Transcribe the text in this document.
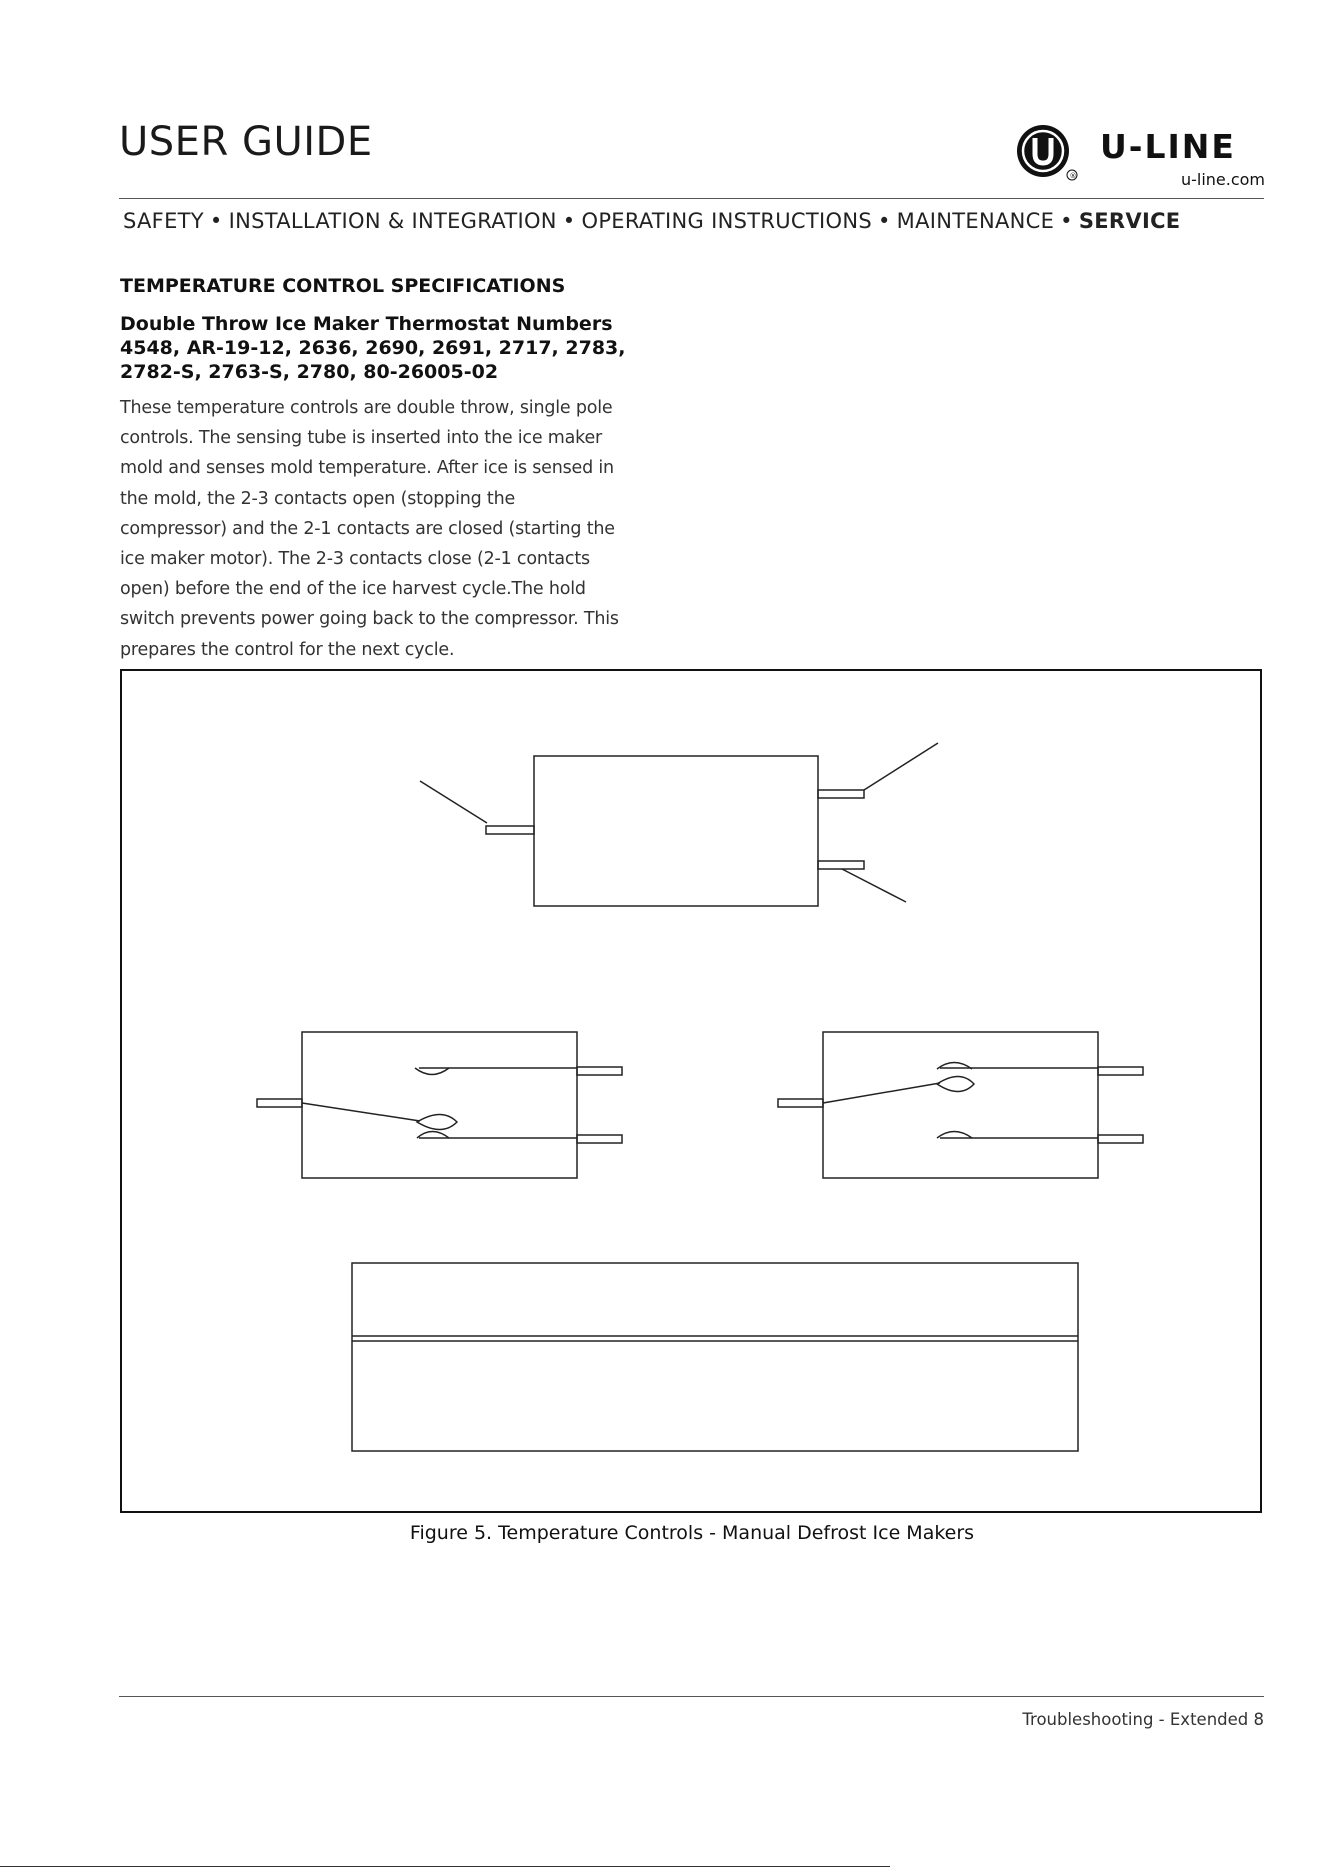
USER GUIDE
®
U-LINE
u-line.com
SAFETY • INSTALLATION & INTEGRATION • OPERATING INSTRUCTIONS • MAINTENANCE • SERVICE
TEMPERATURE CONTROL SPECIFICATIONS
Double Throw Ice Maker Thermostat Numbers
4548, AR-19-12, 2636, 2690, 2691, 2717, 2783,
2782-S, 2763-S, 2780, 80-26005-02
These temperature controls are double throw, single pole
controls. The sensing tube is inserted into the ice maker
mold and senses mold temperature. After ice is sensed in
the mold, the 2-3 contacts open (stopping the
compressor) and the 2-1 contacts are closed (starting the
ice maker motor). The 2-3 contacts close (2-1 contacts
open) before the end of the ice harvest cycle.The hold
switch prevents power going back to the compressor. This
prepares the control for the next cycle.
Figure 5. Temperature Controls - Manual Defrost Ice Makers
Troubleshooting - Extended 8
